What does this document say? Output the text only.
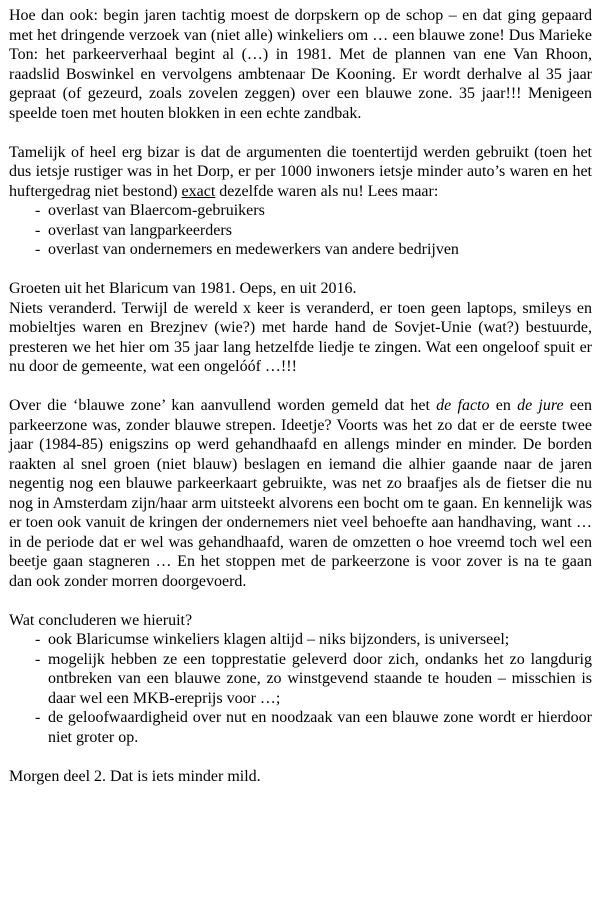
Hoe dan ook: begin jaren tachtig moest de dorpskern op de schop – en dat ging gepaard met het dringende verzoek van (niet alle) winkeliers om … een blauwe zone! Dus Marieke Ton: het parkeerverhaal begint al (…) in 1981. Met de plannen van ene Van Rhoon, raadslid Boswinkel en vervolgens ambtenaar De Kooning. Er wordt derhalve al 35 jaar gepraat (of gezeurd, zoals zovelen zeggen) over een blauwe zone. 35 jaar!!! Menigeen speelde toen met houten blokken in een echte zandbak.

Tamelijk of heel erg bizar is dat de argumenten die toentertijd werden gebruikt (toen het dus ietsje rustiger was in het Dorp, er per 1000 inwoners ietsje minder auto’s waren en het huftergedrag niet bestond) exact dezelfde waren als nu! Lees maar:

- overlast van Blaercom-gebruikers
- overlast van langparkeerders
- overlast van ondernemers en medewerkers van andere bedrijven

Groeten uit het Blaricum van 1981. Oeps, en uit 2016.
Niets veranderd. Terwijl de wereld x keer is veranderd, er toen geen laptops, smileys en mobieltjes waren en Brezjnev (wie?) met harde hand de Sovjet-Unie (wat?) bestuurde, presteren we het hier om 35 jaar lang hetzelfde liedje te zingen. Wat een ongeloof spuit er nu door de gemeente, wat een ongelóóf …!!!

Over die ‘blauwe zone’ kan aanvullend worden gemeld dat het de facto en de jure een parkeerzone was, zonder blauwe strepen. Ideetje? Voorts was het zo dat er de eerste twee jaar (1984-85) enigszins op werd gehandhaafd en allengs minder en minder. De borden raakten al snel groen (niet blauw) beslagen en iemand die alhier gaande naar de jaren negentig nog een blauwe parkeerkaart gebruikte, was net zo braafjes als de fietser die nu nog in Amsterdam zijn/haar arm uitsteekt alvorens een bocht om te gaan. En kennelijk was er toen ook vanuit de kringen der ondernemers niet veel behoefte aan handhaving, want … in de periode dat er wel was gehandhaafd, waren de omzetten o hoe vreemd toch wel een beetje gaan stagneren … En het stoppen met de parkeerzone is voor zover is na te gaan dan ook zonder morren doorgevoerd.

Wat concluderen we hieruit?

- ook Blaricumse winkeliers klagen altijd – niks bijzonders, is universeel;
- mogelijk hebben ze een topprestatie geleverd door zich, ondanks het zo langdurig ontbreken van een blauwe zone, zo winstgevend staande te houden – misschien is daar wel een MKB-ereprijs voor …;
- de geloofwaardigheid over nut en noodzaak van een blauwe zone wordt er hierdoor niet groter op.

Morgen deel 2. Dat is iets minder mild.
